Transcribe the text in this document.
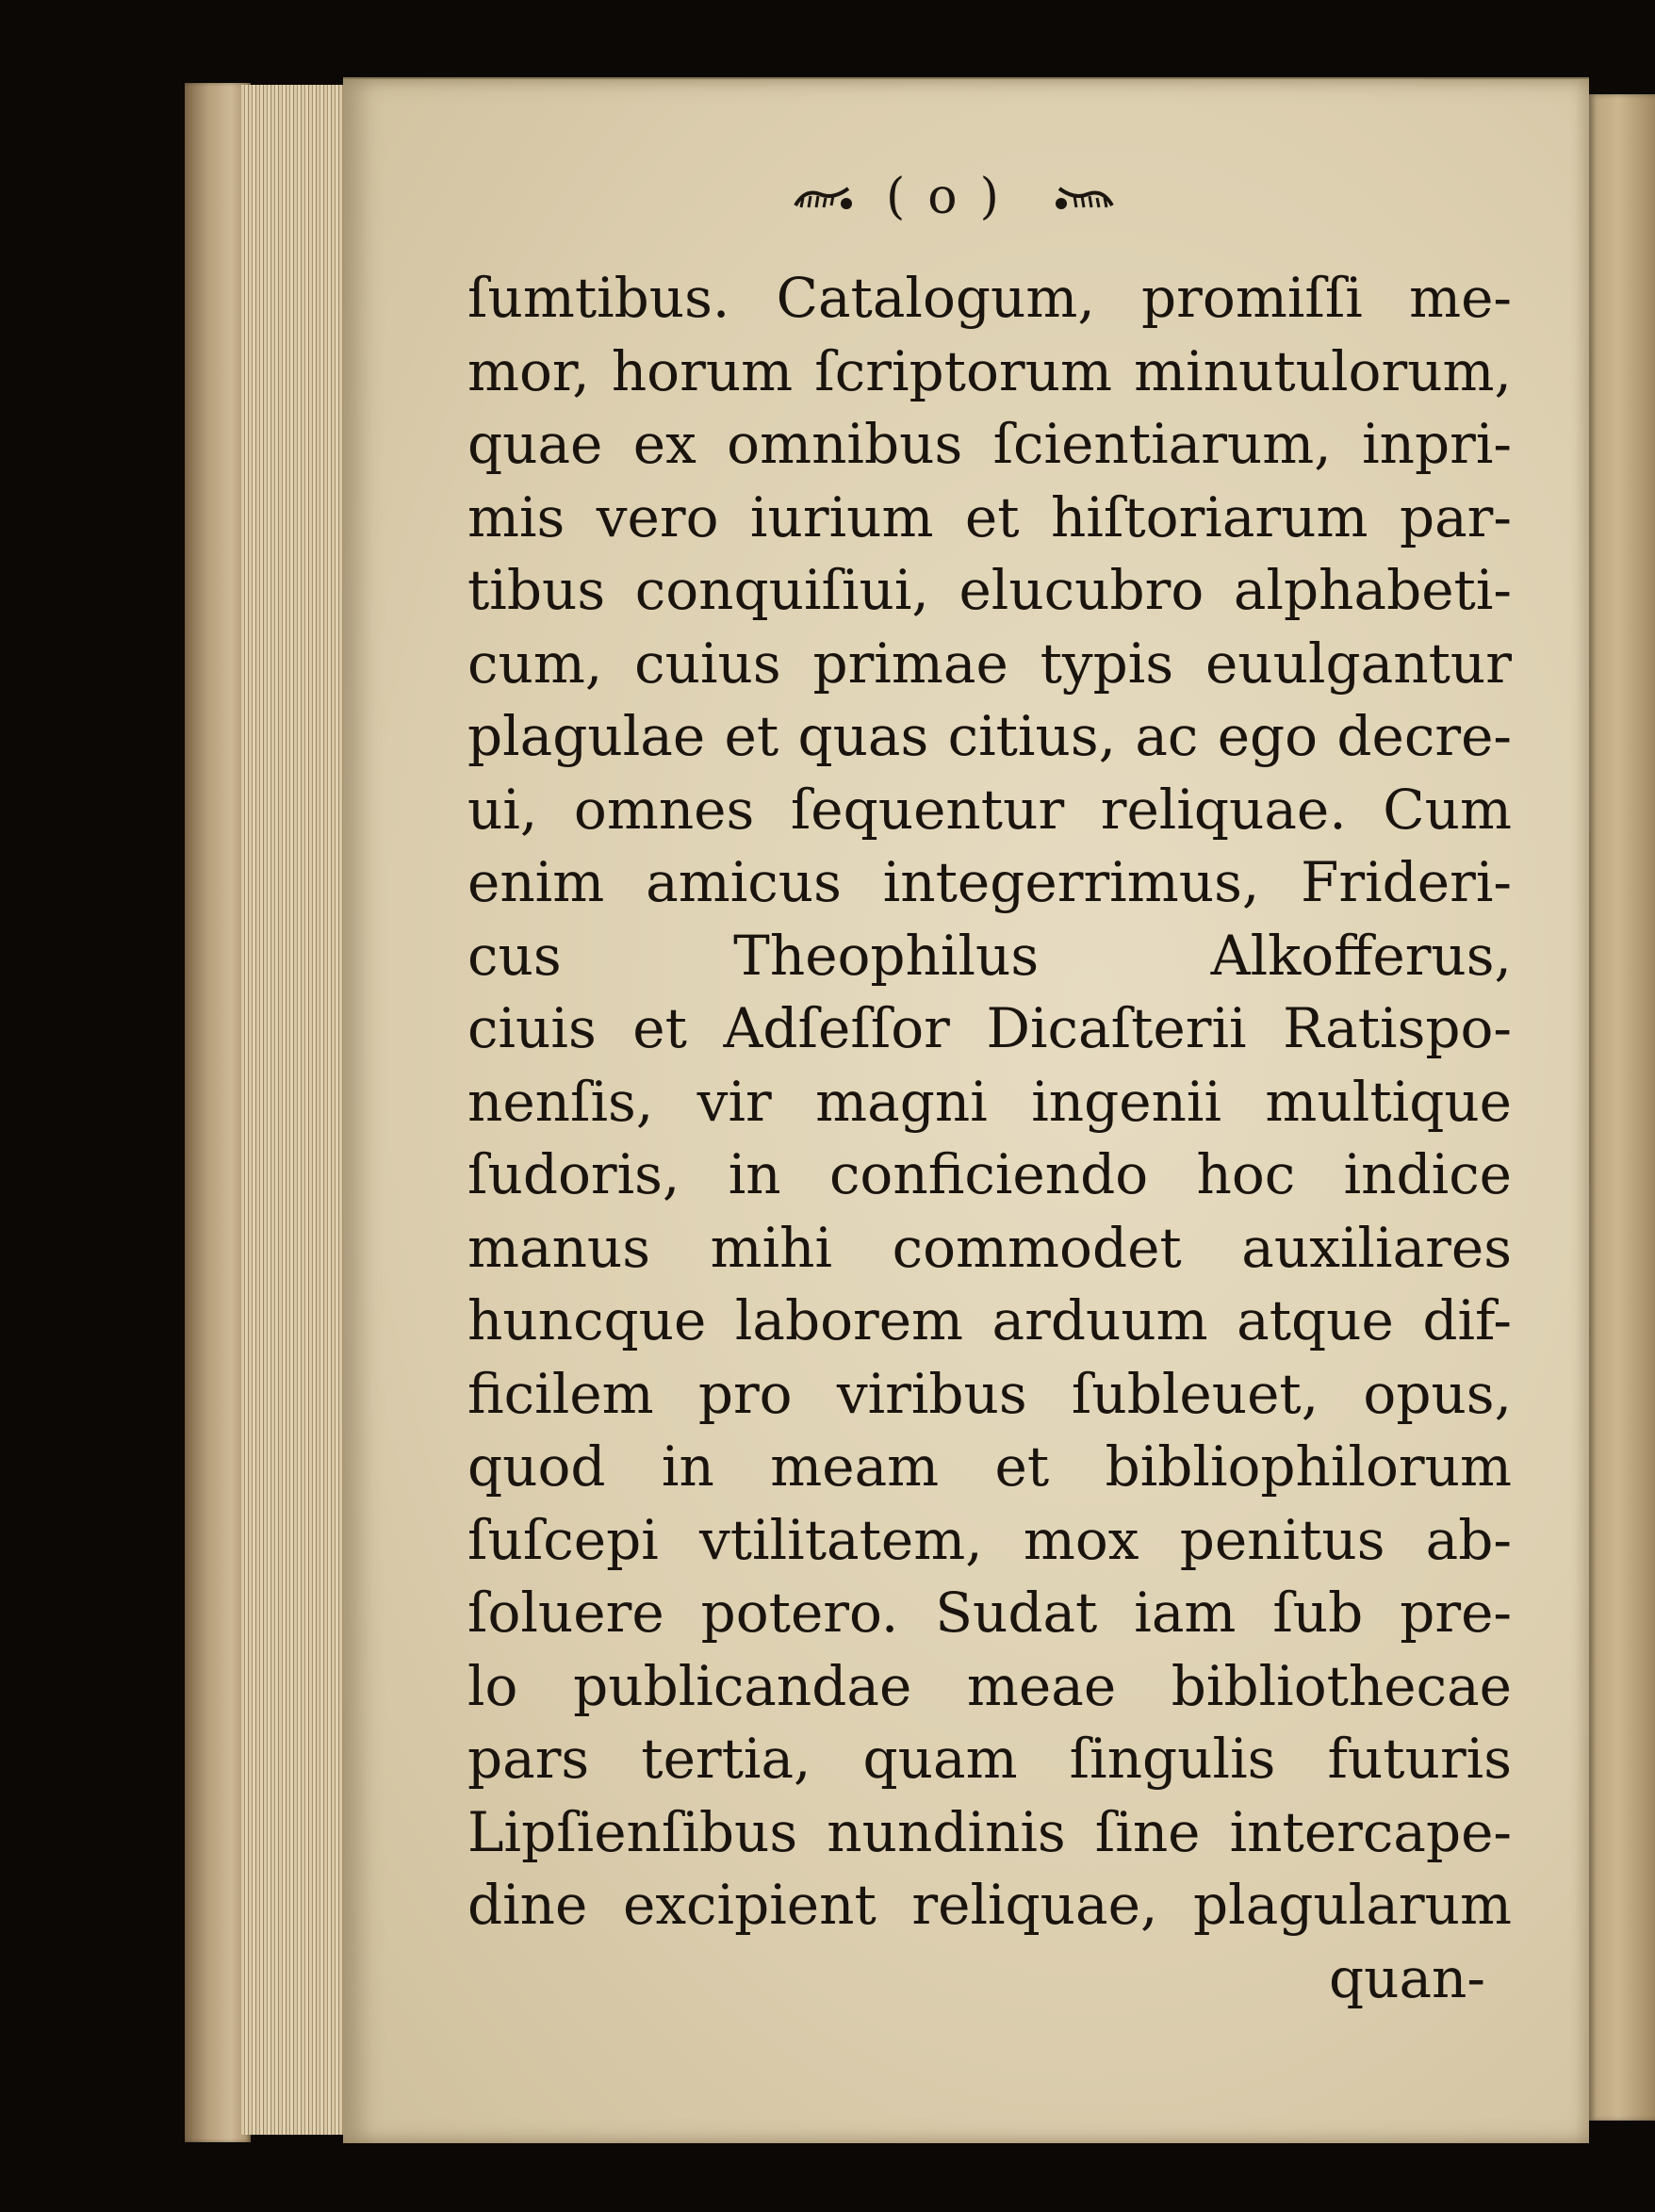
(o)
ſumtibus. Catalogum, promiſſi me-
mor, horum ſcriptorum minutulorum,
quae ex omnibus ſcientiarum, inpri-
mis vero iurium et hiſtoriarum par-
tibus conquiſiui, elucubro alphabeti-
cum, cuius primae typis euulgantur
plagulae et quas citius, ac ego decre-
ui, omnes ſequentur reliquae. Cum
enim amicus integerrimus, Frideri-
cus Theophilus Alkofferus,
ciuis et Adſeſſor Dicaſterii Ratispo-
nenſis, vir magni ingenii multique
ſudoris, in conficiendo hoc indice
manus mihi commodet auxiliares
huncque laborem arduum atque dif-
ficilem pro viribus ſubleuet, opus,
quod in meam et bibliophilorum
ſuſcepi vtilitatem, mox penitus ab-
ſoluere potero. Sudat iam ſub pre-
lo publicandae meae bibliothecae
pars tertia, quam ſingulis futuris
Lipſienſibus nundinis ſine intercape-
dine excipient reliquae, plagularum
quan-
